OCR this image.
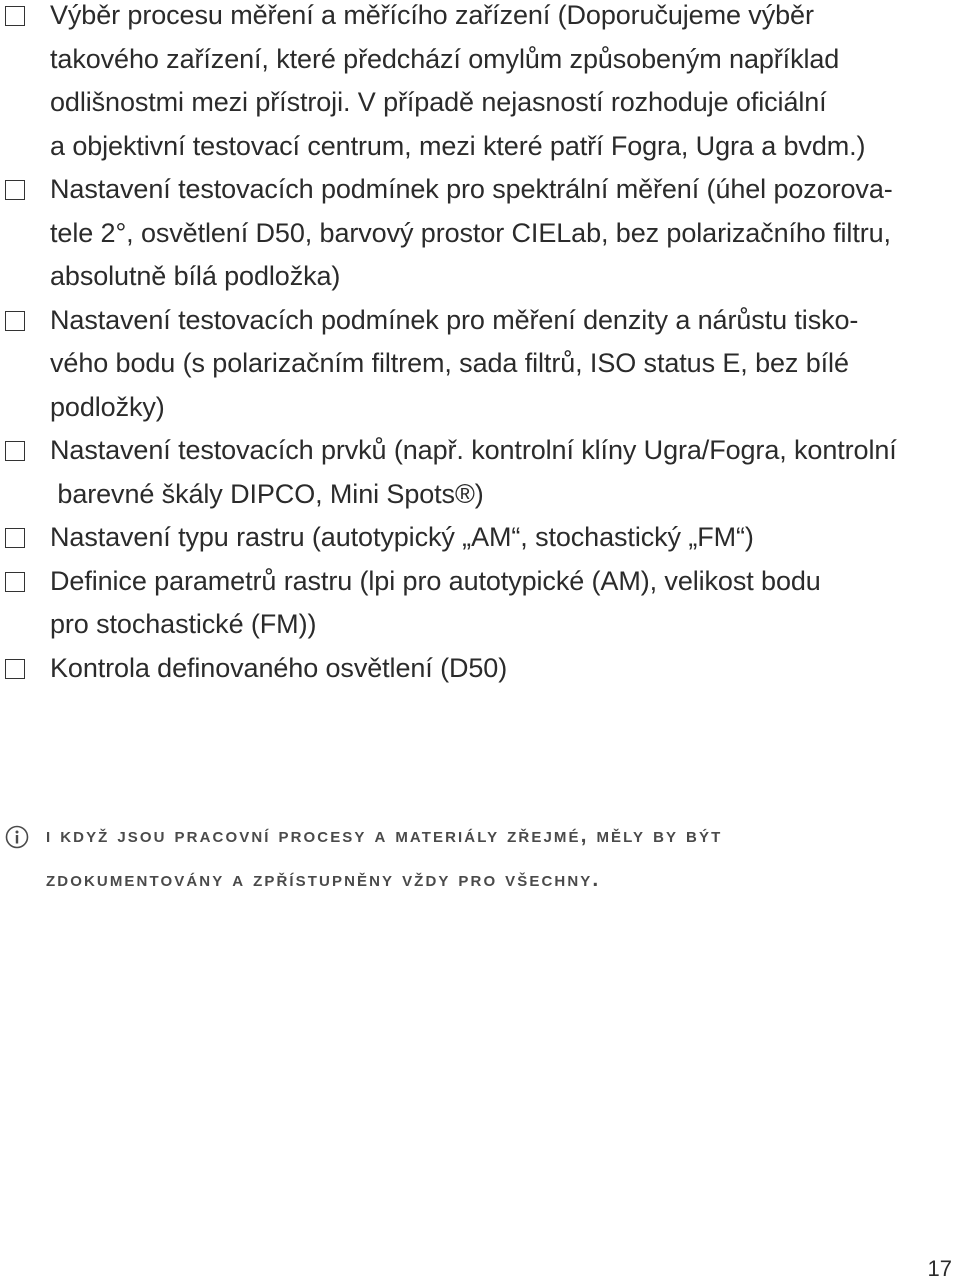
Výběr procesu měření a měřícího zařízení (Doporučujeme výběr
takového zařízení, které předchází omylům způsobeným například
odlišnostmi mezi přístroji. V případě nejasností rozhoduje oficiální
a objektivní testovací centrum, mezi které patří Fogra, Ugra a bvdm.)
Nastavení testovacích podmínek pro spektrální měření (úhel pozorova-
tele 2°, osvětlení D50, barvový prostor CIELab, bez polarizačního filtru,
absolutně bílá podložka)
Nastavení testovacích podmínek pro měření denzity a nárůstu tisko-
vého bodu (s polarizačním filtrem, sada filtrů, ISO status E, bez bílé
podložky)
Nastavení testovacích prvků (např. kontrolní klíny Ugra/Fogra, kontrolní
barevné škály DIPCO, Mini Spots®)
Nastavení typu rastru (autotypický „AM“, stochastický „FM“)
Definice parametrů rastru (lpi pro autotypické (AM), velikost bodu
pro stochastické (FM))
Kontrola definovaného osvětlení (D50)
i když jsou pracovní procesy a materiály zřejmé, měly by být
zdokumentovány a zpřístupněny vždy pro všechny.
17
